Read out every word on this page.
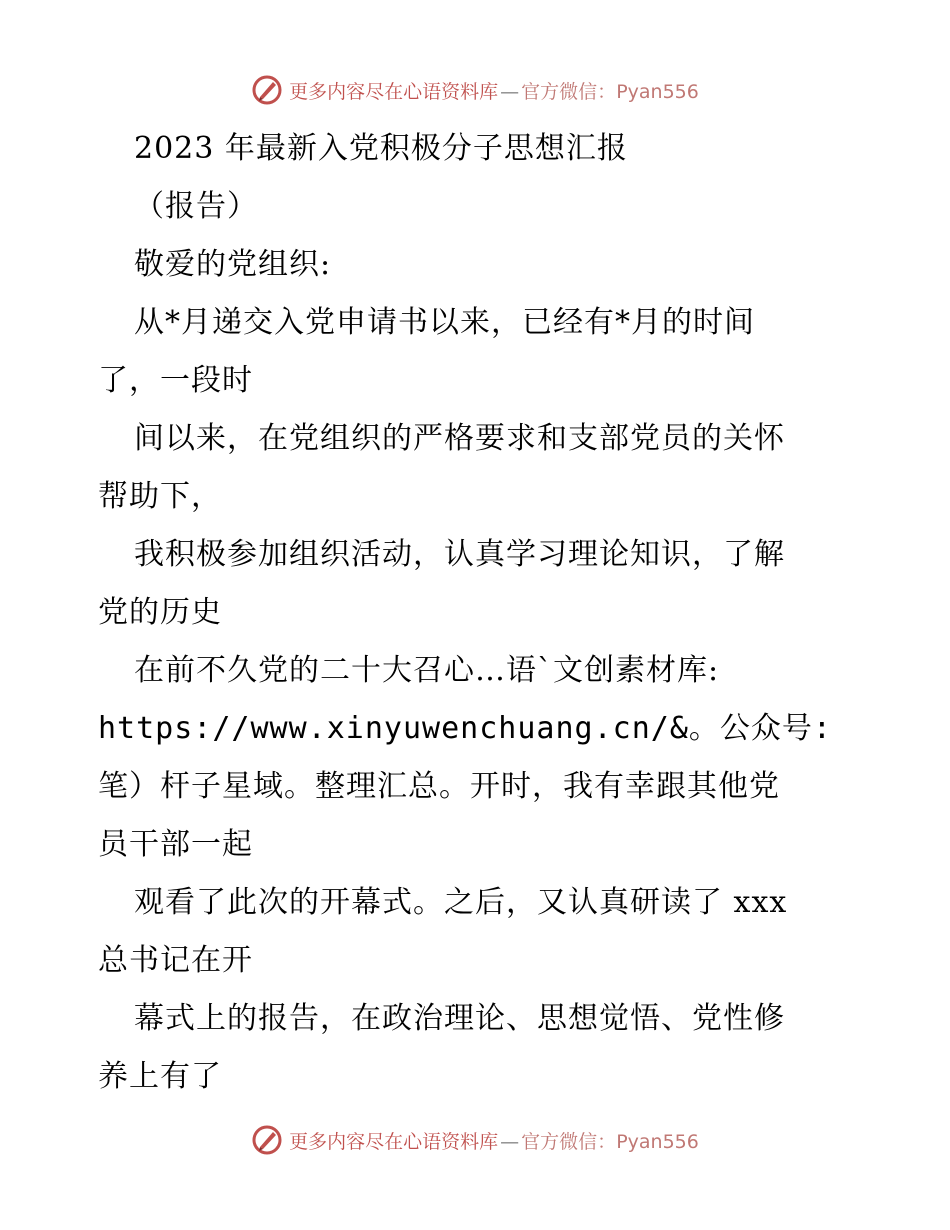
更多内容尽在心语资料库 — 官方微信：Pyan556
2023 年最新入党积极分子思想汇报
（报告）
敬爱的党组织:
从*月递交入党申请书以来，已经有*月的时间
了，一段时
间以来，在党组织的严格要求和支部党员的关怀
帮助下，
我积极参加组织活动，认真学习理论知识，了解
党的历史
在前不久党的二十大召心…语`文创素材库:
https://www.xinyuwenchuang.cn/&。公众号:
笔）杆子星域。整理汇总。开时，我有幸跟其他党
员干部一起
观看了此次的开幕式。之后，又认真研读了 xxx
总书记在开
幕式上的报告，在政治理论、思想觉悟、党性修
养上有了
更多内容尽在心语资料库 — 官方微信：Pyan556
